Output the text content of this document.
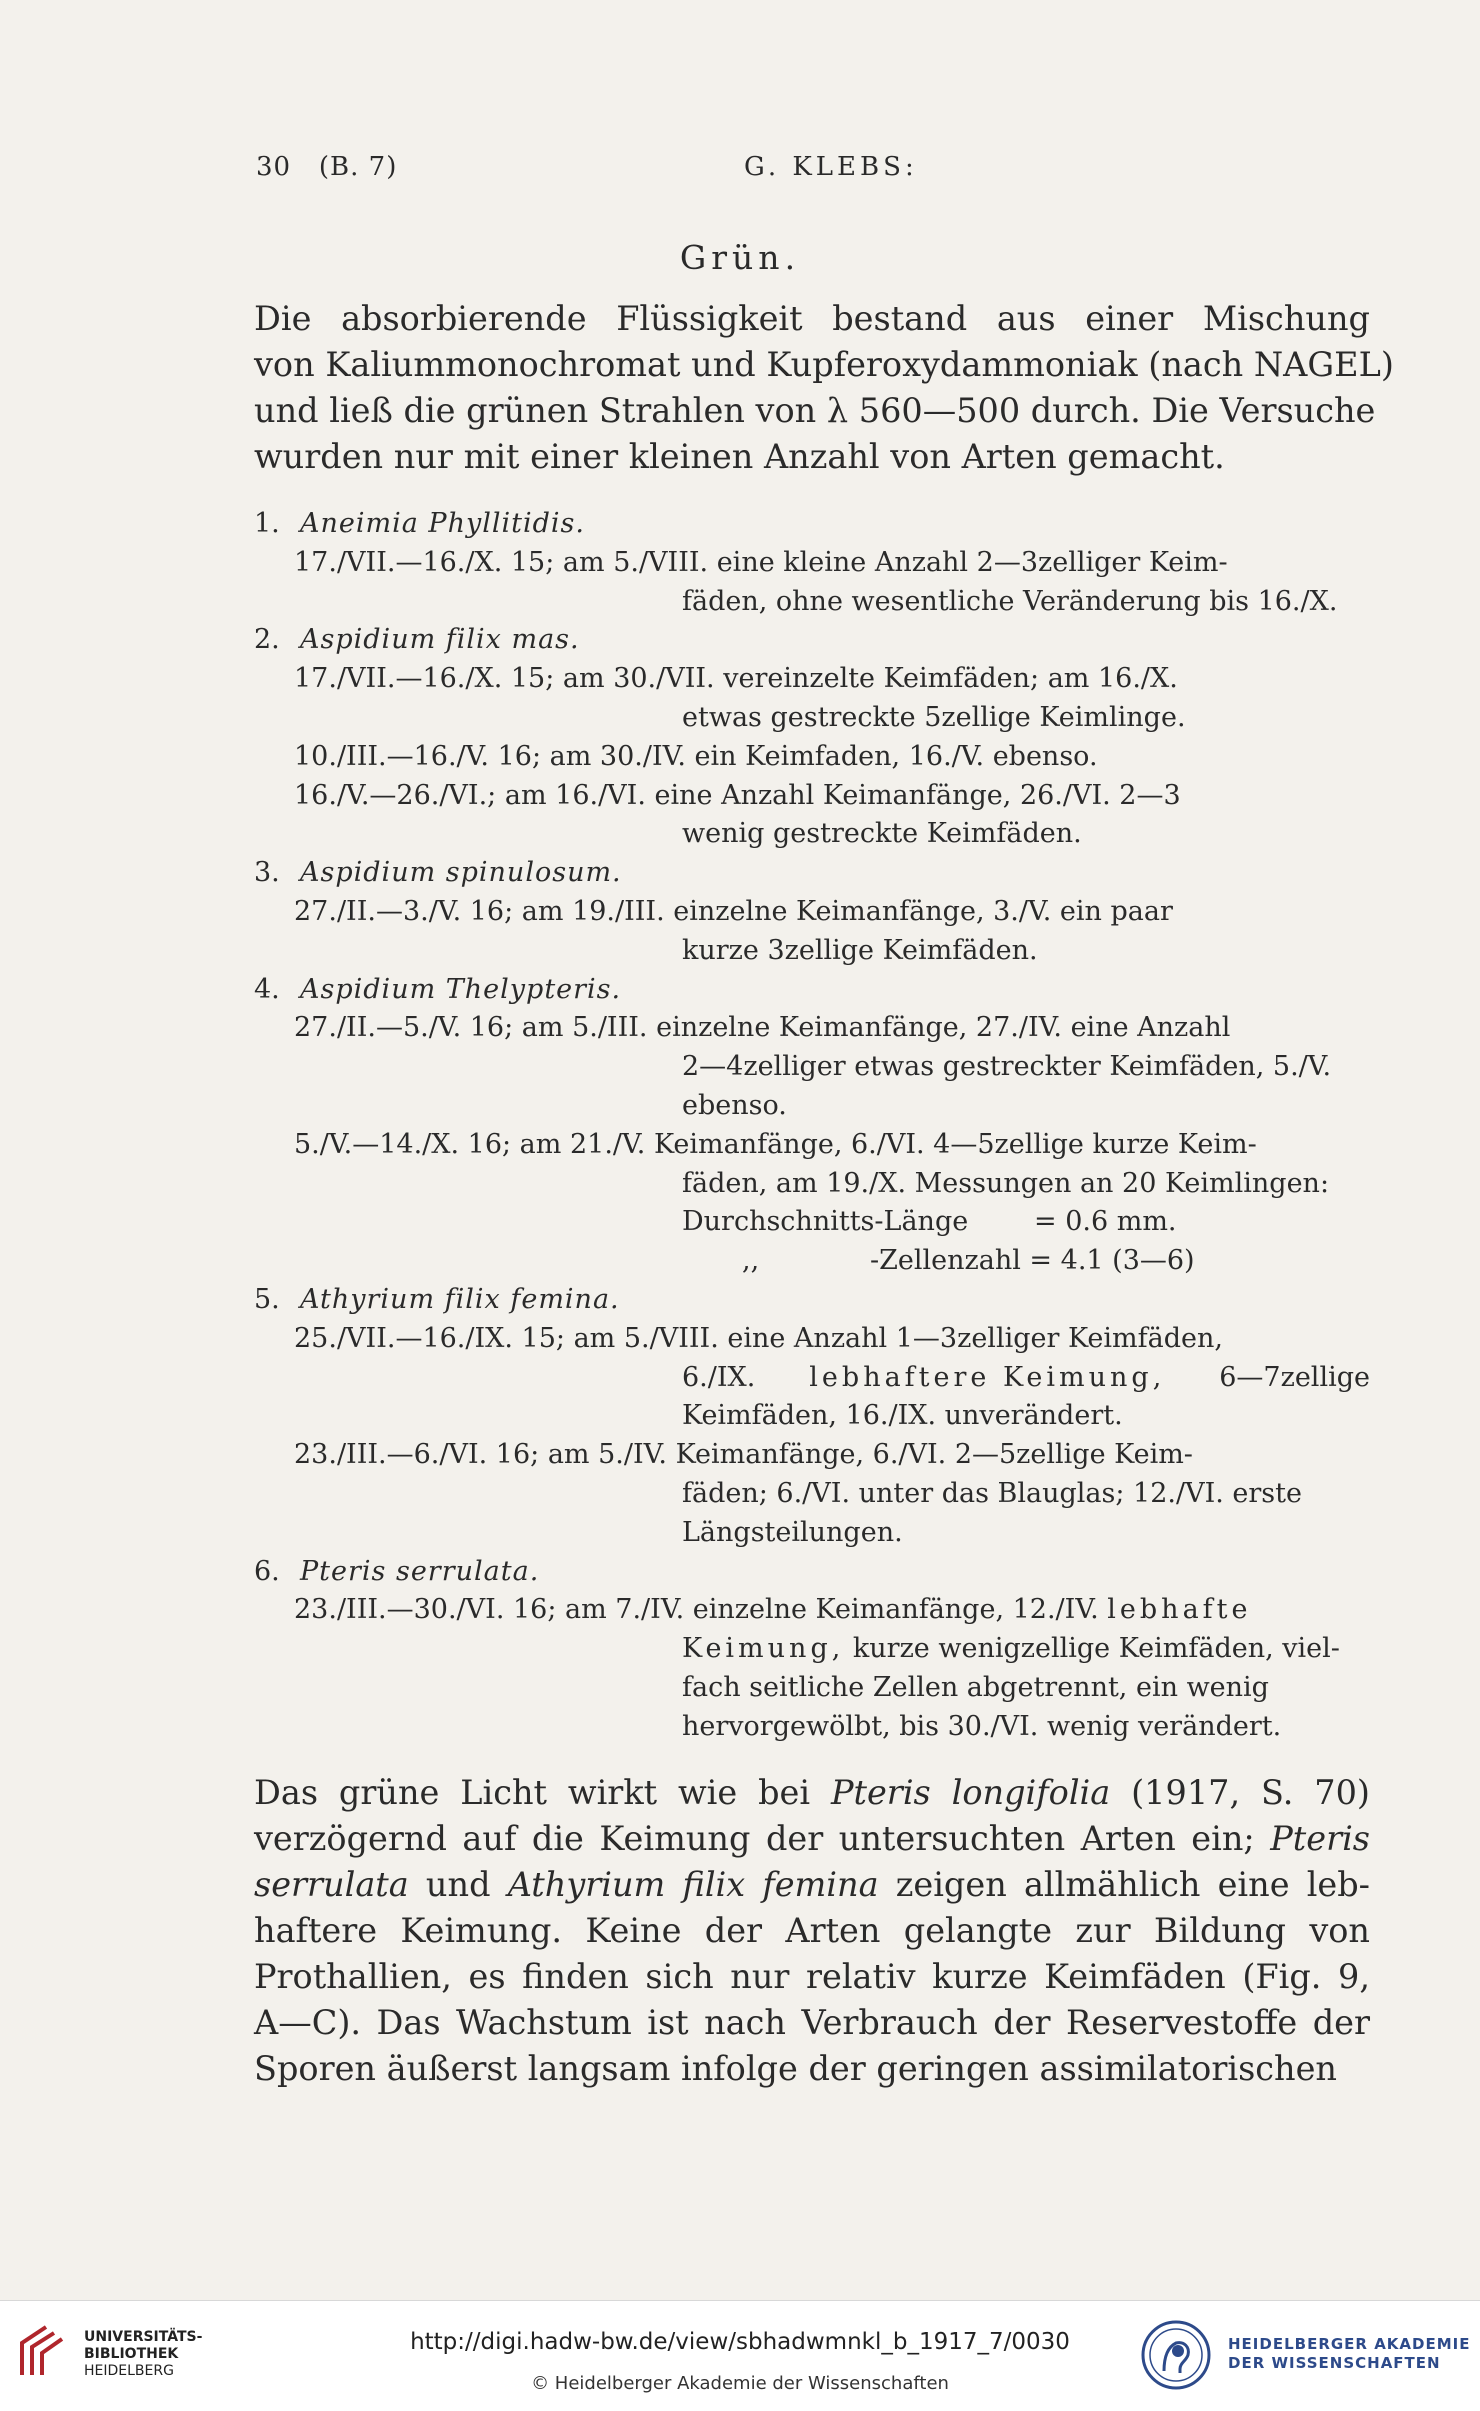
30 (B. 7)	G. KLEBS:
Grün.
Die absorbierende Flüssigkeit bestand aus einer Mischung
von Kaliummonochromat und Kupferoxydammoniak (nach NAGEL)
und ließ die grünen Strahlen von λ 560—500 durch. Die Versuche
wurden nur mit einer kleinen Anzahl von Arten gemacht.
1. Aneimia Phyllitidis.
17./VII.—16./X. 15; am 5./VIII. eine kleine Anzahl 2—3zelliger Keim-
fäden, ohne wesentliche Veränderung bis 16./X.
2. Aspidium filix mas.
17./VII.—16./X. 15; am 30./VII. vereinzelte Keimfäden; am 16./X.
etwas gestreckte 5zellige Keimlinge.
10./III.—16./V. 16; am 30./IV. ein Keimfaden, 16./V. ebenso.
16./V.—26./VI.; am 16./VI. eine Anzahl Keimanfänge, 26./VI. 2—3
wenig gestreckte Keimfäden.
3. Aspidium spinulosum.
27./II.—3./V. 16; am 19./III. einzelne Keimanfänge, 3./V. ein paar
kurze 3zellige Keimfäden.
4. Aspidium Thelypteris.
27./II.—5./V. 16; am 5./III. einzelne Keimanfänge, 27./IV. eine Anzahl
2—4zelliger etwas gestreckter Keimfäden, 5./V.
ebenso.
5./V.—14./X. 16; am 21./V. Keimanfänge, 6./VI. 4—5zellige kurze Keim-
fäden, am 19./X. Messungen an 20 Keimlingen:
Durchschnitts-Länge = 0.6 mm.
,,	-Zellenzahl = 4.1 (3—6)
5. Athyrium filix femina.
25./VII.—16./IX. 15; am 5./VIII. eine Anzahl 1—3zelliger Keimfäden,
6./IX. lebhaftere Keimung, 6—7zellige
Keimfäden, 16./IX. unverändert.
23./III.—6./VI. 16; am 5./IV. Keimanfänge, 6./VI. 2—5zellige Keim-
fäden; 6./VI. unter das Blauglas; 12./VI. erste
Längsteilungen.
6. Pteris serrulata.
23./III.—30./VI. 16; am 7./IV. einzelne Keimanfänge, 12./IV. lebhafte
Keimung, kurze wenigzellige Keimfäden, viel-
fach seitliche Zellen abgetrennt, ein wenig
hervorgewölbt, bis 30./VI. wenig verändert.
Das grüne Licht wirkt wie bei Pteris longifolia (1917, S. 70)
verzögernd auf die Keimung der untersuchten Arten ein; Pteris
serrulata und Athyrium filix femina zeigen allmählich eine leb-
haftere Keimung. Keine der Arten gelangte zur Bildung von
Prothallien, es finden sich nur relativ kurze Keimfäden (Fig. 9,
A—C). Das Wachstum ist nach Verbrauch der Reservestoffe der
Sporen äußerst langsam infolge der geringen assimilatorischen
UNIVERSITÄTS-
BIBLIOTHEK
HEIDELBERG
http://digi.hadw-bw.de/view/sbhadwmnkl_b_1917_7/0030
© Heidelberger Akademie der Wissenschaften
HEIDELBERGER AKADEMIE
DER WISSENSCHAFTEN
